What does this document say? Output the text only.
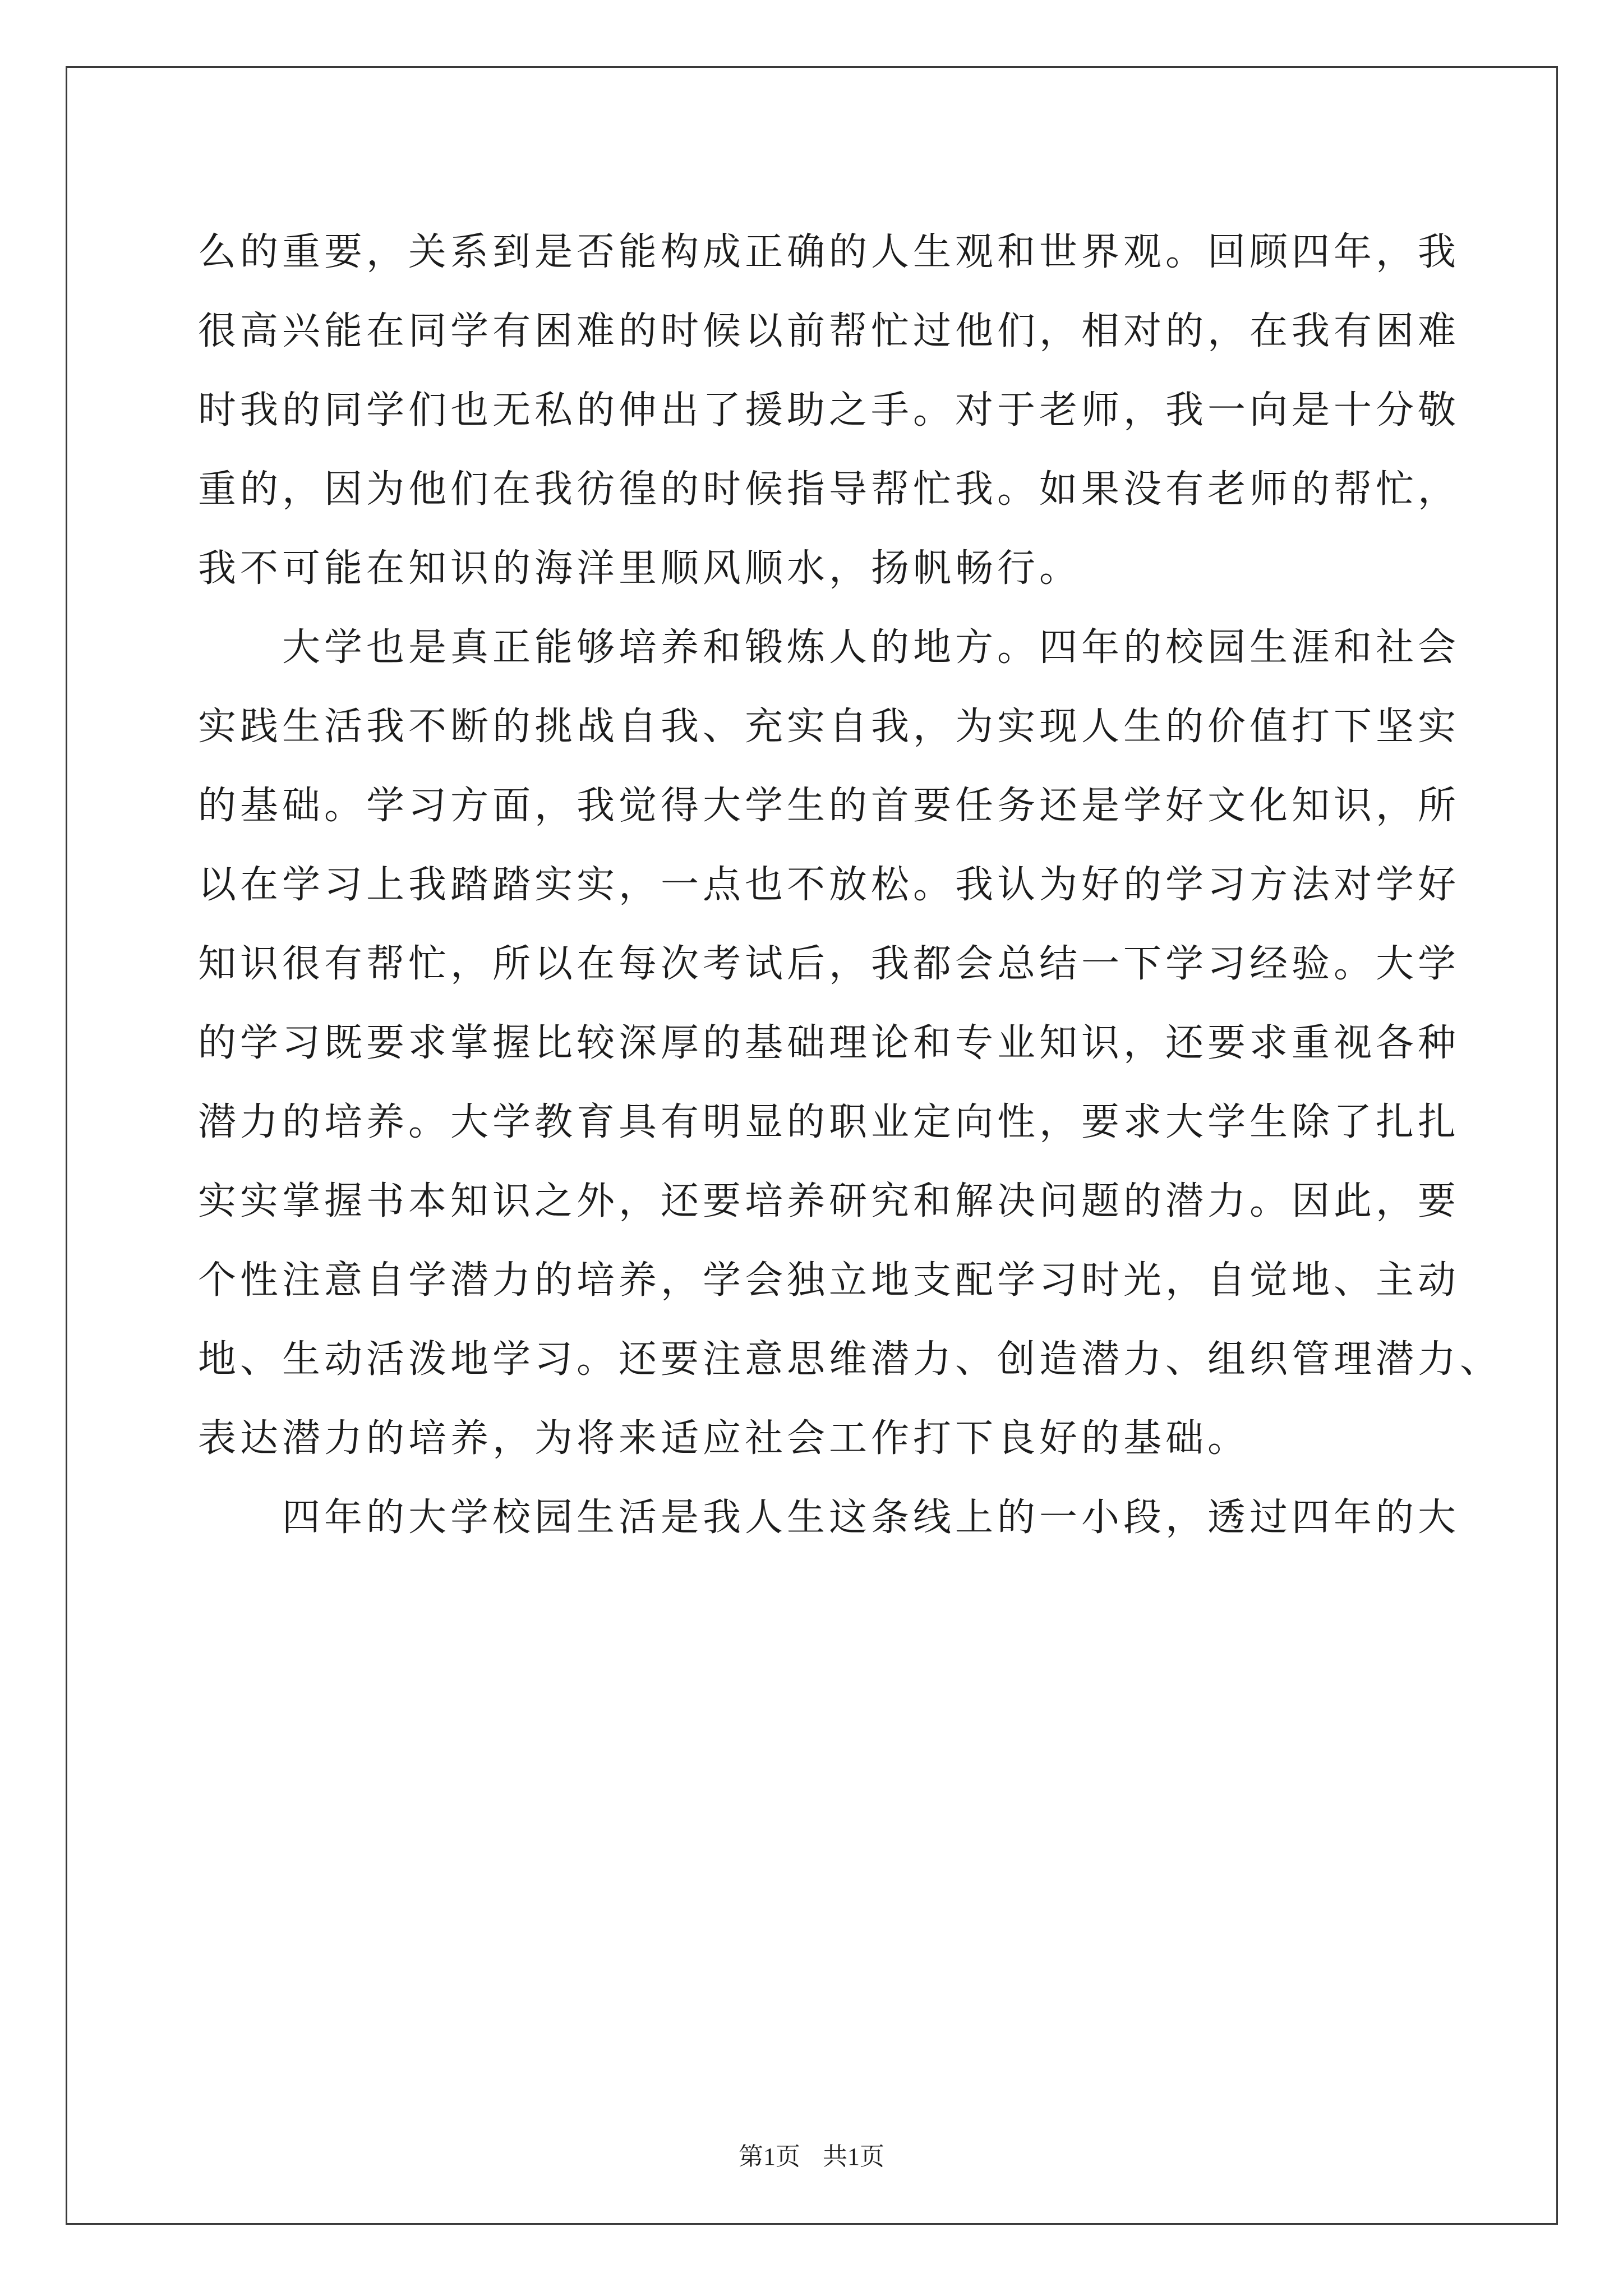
么的重要，关系到是否能构成正确的人生观和世界观。回顾四年，我
很高兴能在同学有困难的时候以前帮忙过他们，相对的，在我有困难
时我的同学们也无私的伸出了援助之手。对于老师，我一向是十分敬
重的，因为他们在我彷徨的时候指导帮忙我。如果没有老师的帮忙，
我不可能在知识的海洋里顺风顺水，扬帆畅行。
　　大学也是真正能够培养和锻炼人的地方。四年的校园生涯和社会
实践生活我不断的挑战自我、充实自我，为实现人生的价值打下坚实
的基础。学习方面，我觉得大学生的首要任务还是学好文化知识，所
以在学习上我踏踏实实，一点也不放松。我认为好的学习方法对学好
知识很有帮忙，所以在每次考试后，我都会总结一下学习经验。大学
的学习既要求掌握比较深厚的基础理论和专业知识，还要求重视各种
潜力的培养。大学教育具有明显的职业定向性，要求大学生除了扎扎
实实掌握书本知识之外，还要培养研究和解决问题的潜力。因此，要
个性注意自学潜力的培养，学会独立地支配学习时光，自觉地、主动
地、生动活泼地学习。还要注意思维潜力、创造潜力、组织管理潜力、
表达潜力的培养，为将来适应社会工作打下良好的基础。
　　四年的大学校园生活是我人生这条线上的一小段，透过四年的大
第1页 共1页
